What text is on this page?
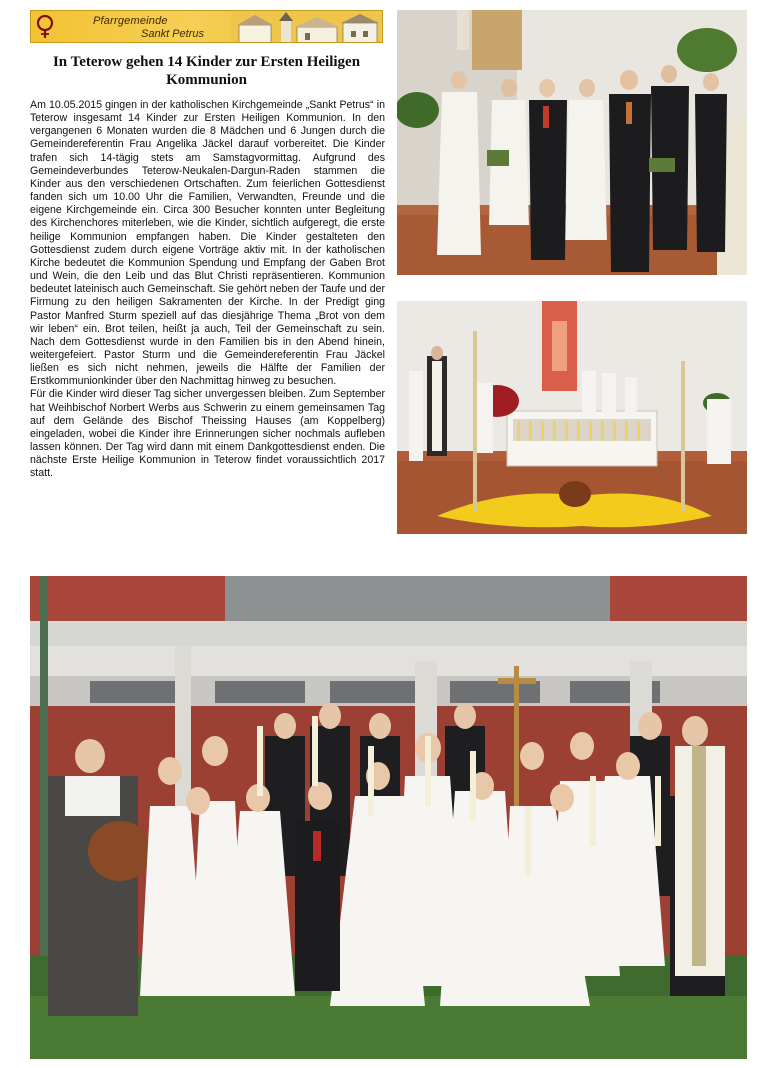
Pfarrgemeinde
Sankt Petrus
In Teterow gehen 14 Kinder zur Ersten Heiligen Kommunion

Am 10.05.2015 gingen in der katholischen Kirchgemeinde „Sankt Petrus“ in Teterow insgesamt 14 Kinder zur Ersten Heiligen Kommunion. In den vergangenen 6 Monaten wurden die 8 Mädchen und 6 Jungen durch die Gemeindereferentin Frau Angelika Jäckel darauf vorbereitet. Die Kinder trafen sich 14-tägig stets am Samstagvormittag. Aufgrund des Gemeindeverbundes Teterow-Neukalen-Dargun-Raden stammen die Kinder aus den verschiedenen Ortschaften. Zum feierlichen Gottesdienst fanden sich um 10.00 Uhr die Familien, Verwandten, Freunde und die eigene Kirchgemeinde ein. Circa 300 Besucher konnten unter Begleitung des Kirchenchores miterleben, wie die Kinder, sichtlich aufgeregt, die erste heilige Kommunion empfangen haben. Die Kinder gestalteten den Gottesdienst zudem durch eigene Vorträge aktiv mit. In der katholischen Kirche bedeutet die Kommunion Spendung und Empfang der Gaben Brot und Wein, die den Leib und das Blut Christi repräsentieren. Kommunion bedeutet lateinisch auch Gemeinschaft. Sie gehört neben der Taufe und der Firmung zu den heiligen Sakramenten der Kirche. In der Predigt ging Pastor Manfred Sturm speziell auf das diesjährige Thema „Brot von dem wir leben“ ein. Brot teilen, heißt ja auch, Teil der Gemeinschaft zu sein. Nach dem Gottesdienst wurde in den Familien bis in den Abend hinein, weitergefeiert. Pastor Sturm und die Gemeindereferentin Frau Jäckel ließen es sich nicht nehmen, jeweils die Hälfte der Familien der Erstkommunionkinder über den Nachmittag hinweg zu besuchen.

Für die Kinder wird dieser Tag sicher unvergessen bleiben. Zum September hat Weihbischof Norbert Werbs aus Schwerin zu einem gemeinsamen Tag auf dem Gelände des Bischof Theissing Hauses (am Koppelberg) eingeladen, wobei die Kinder ihre Erinnerungen sicher nochmals aufleben lassen können. Der Tag wird dann mit einem Dankgottesdienst enden. Die nächste Erste Heilige Kommunion in Teterow findet voraussichtlich 2017 statt.
